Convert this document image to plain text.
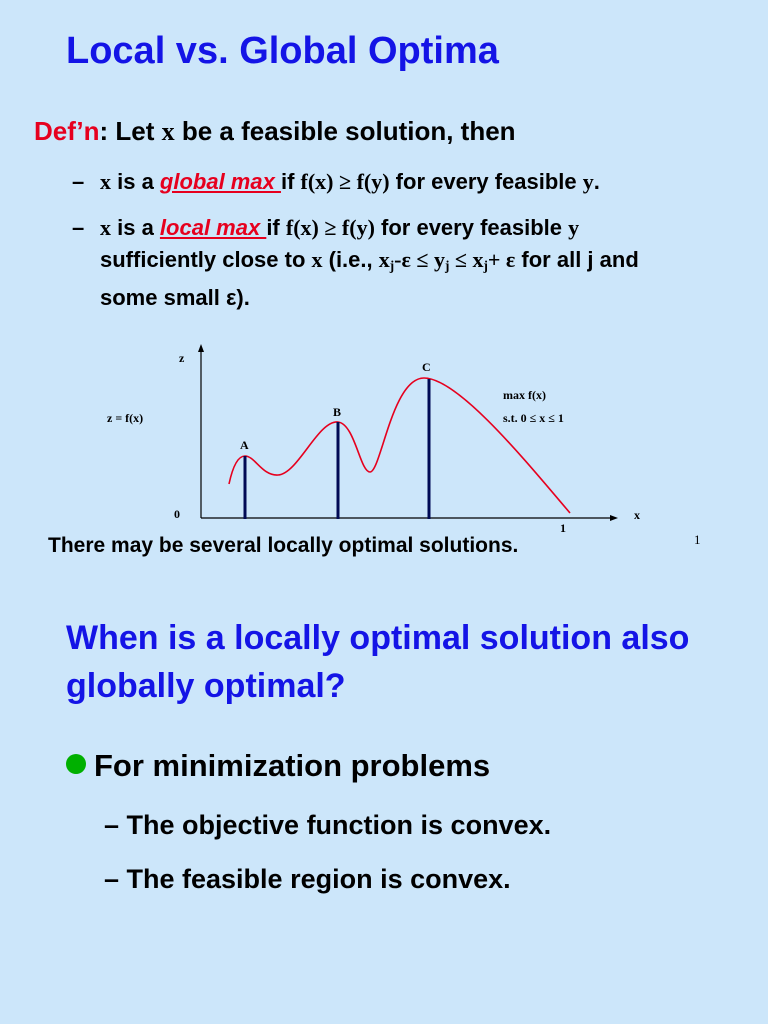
Local vs. Global Optima
Def’n: Let x be a feasible solution, then
– x is a global max if f(x) ≥ f(y) for every feasible y.
– x is a local max if f(x) ≥ f(y) for every feasible y
sufficiently close to x (i.e., $x_j-\varepsilon \le y_j \le x_j+ \varepsilon$ for all j and
some small ε).
z
z = f(x)
0	x
1
A
B
C
max f(x)
s.t. 0 ≤ x ≤ 1
There may be several locally optimal solutions.	1
When is a locally optimal solution also globally optimal?
For minimization problems
– The objective function is convex.
– The feasible region is convex.
